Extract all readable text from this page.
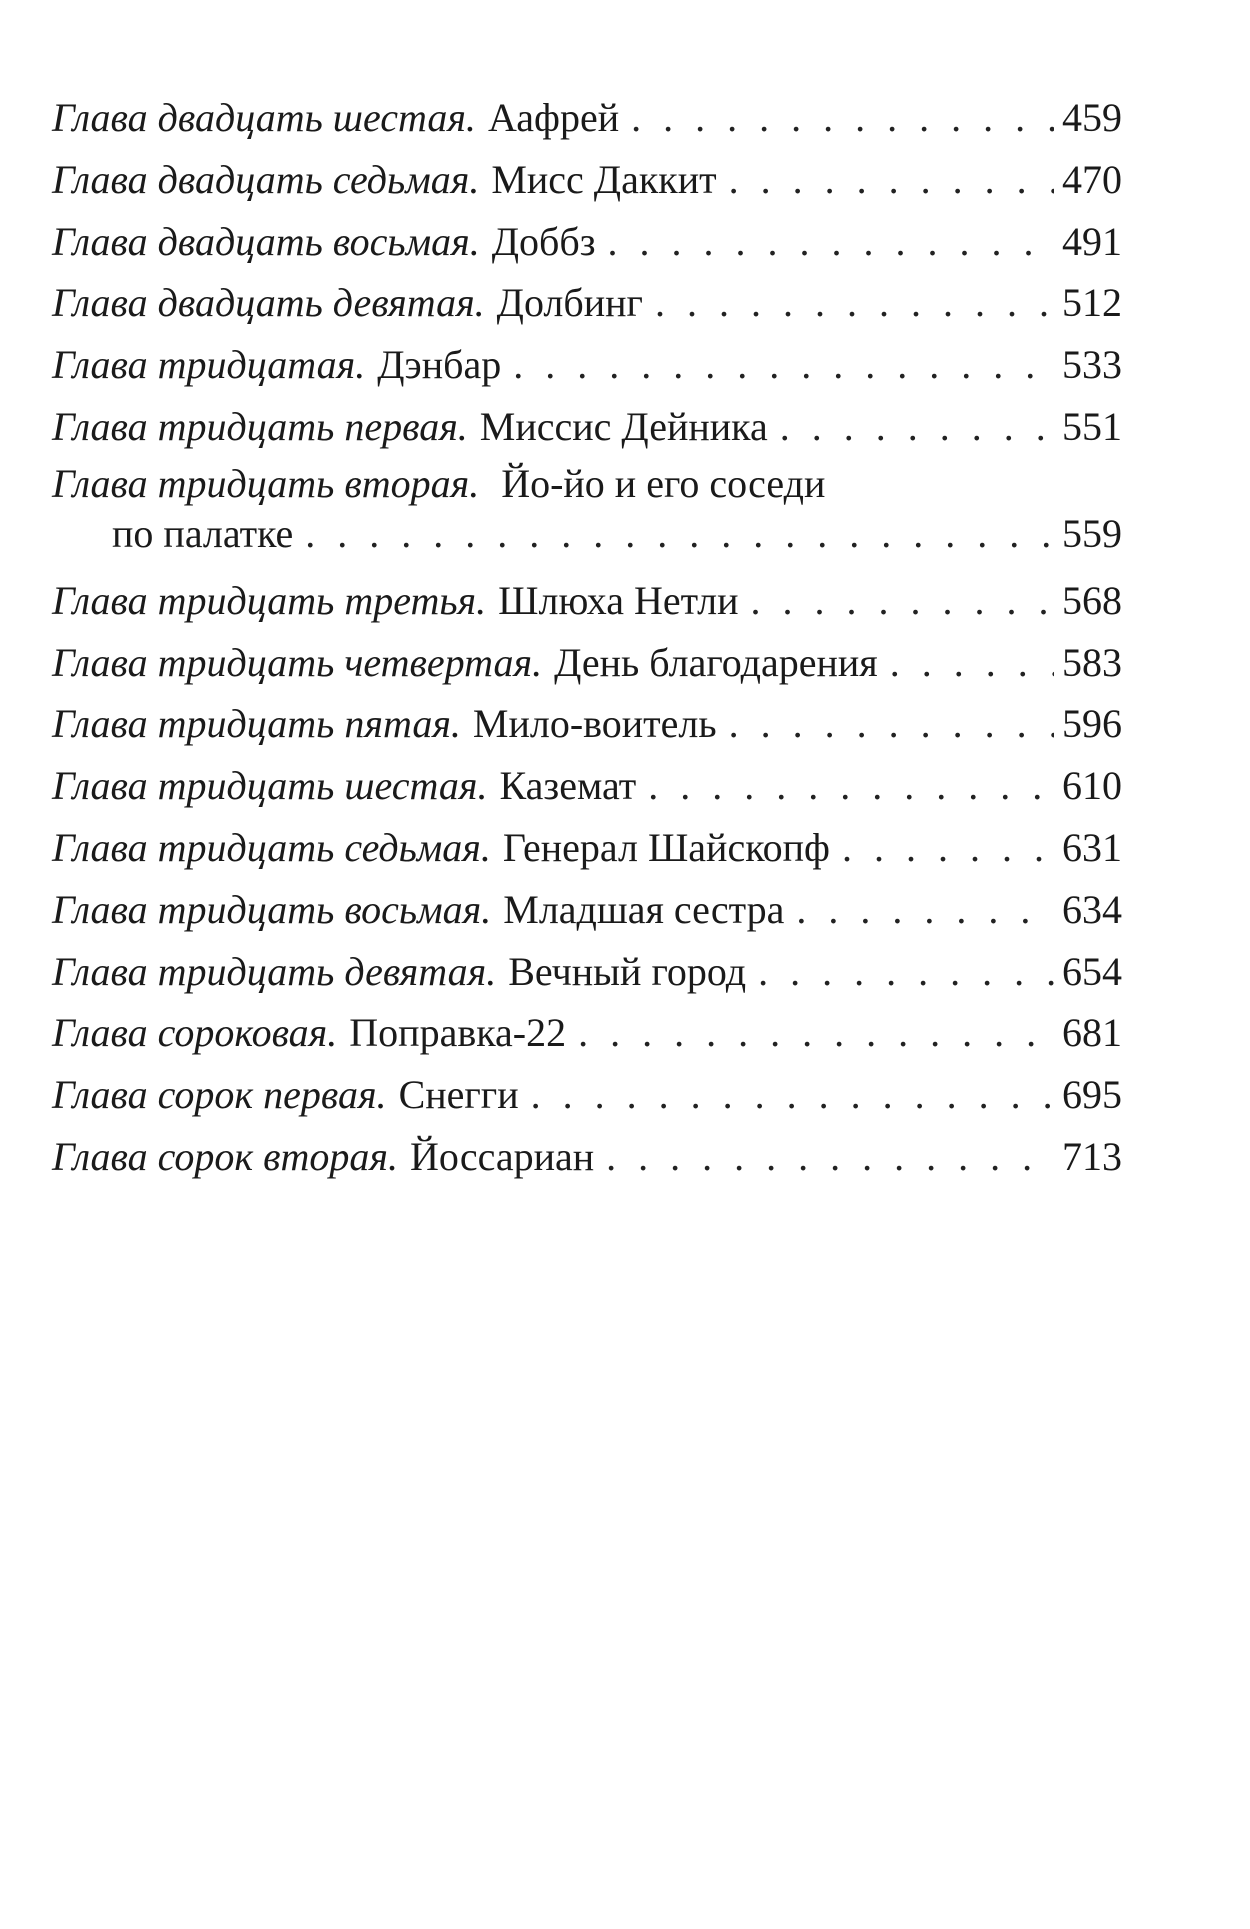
Глава двадцать шестая. Аафрей . . .	459
Глава двадцать седьмая. Мисс Даккит . . .	470
Глава двадцать восьмая. Доббз . . .	491
Глава двадцать девятая. Долбинг . . .	512
Глава тридцатая. Дэнбар . . .	533
Глава тридцать первая. Миссис Дейника . . .	551
Глава тридцать вторая. Йо-йо и его соседи
по палатке . . .	559
Глава тридцать третья. Шлюха Нетли . . .	568
Глава тридцать четвертая. День благодарения . . .	583
Глава тридцать пятая. Мило-воитель . . .	596
Глава тридцать шестая. Каземат . . .	610
Глава тридцать седьмая. Генерал Шайскопф . . .	631
Глава тридцать восьмая. Младшая сестра . . .	634
Глава тридцать девятая. Вечный город . . .	654
Глава сороковая. Поправка-22 . . .	681
Глава сорок первая. Снегги . . .	695
Глава сорок вторая. Йоссариан . . .	713
